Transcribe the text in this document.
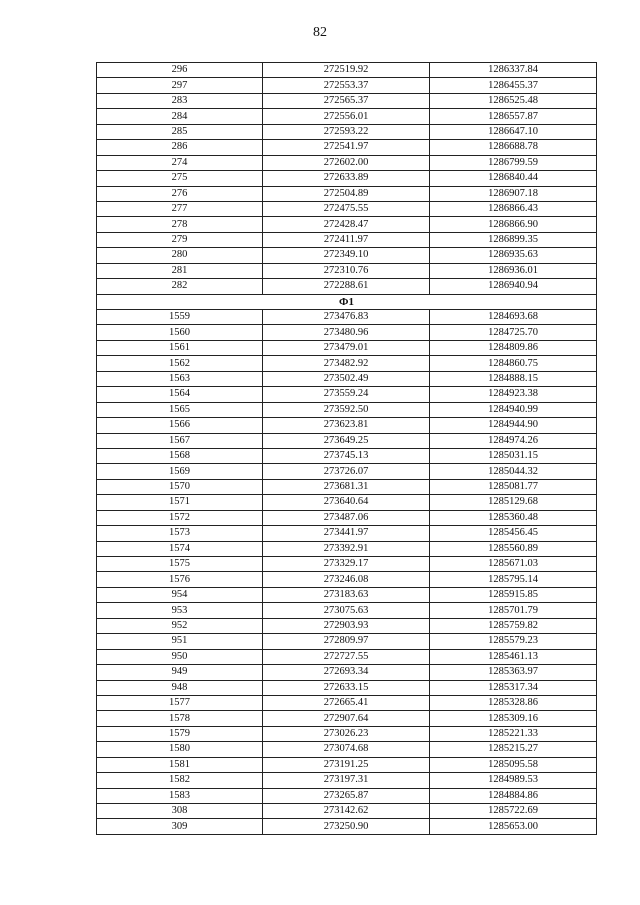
82
296	272519.92	1286337.84
297	272553.37	1286455.37
283	272565.37	1286525.48
284	272556.01	1286557.87
285	272593.22	1286647.10
286	272541.97	1286688.78
274	272602.00	1286799.59
275	272633.89	1286840.44
276	272504.89	1286907.18
277	272475.55	1286866.43
278	272428.47	1286866.90
279	272411.97	1286899.35
280	272349.10	1286935.63
281	272310.76	1286936.01
282	272288.61	1286940.94
Ф1		
1559	273476.83	1284693.68
1560	273480.96	1284725.70
1561	273479.01	1284809.86
1562	273482.92	1284860.75
1563	273502.49	1284888.15
1564	273559.24	1284923.38
1565	273592.50	1284940.99
1566	273623.81	1284944.90
1567	273649.25	1284974.26
1568	273745.13	1285031.15
1569	273726.07	1285044.32
1570	273681.31	1285081.77
1571	273640.64	1285129.68
1572	273487.06	1285360.48
1573	273441.97	1285456.45
1574	273392.91	1285560.89
1575	273329.17	1285671.03
1576	273246.08	1285795.14
954	273183.63	1285915.85
953	273075.63	1285701.79
952	272903.93	1285759.82
951	272809.97	1285579.23
950	272727.55	1285461.13
949	272693.34	1285363.97
948	272633.15	1285317.34
1577	272665.41	1285328.86
1578	272907.64	1285309.16
1579	273026.23	1285221.33
1580	273074.68	1285215.27
1581	273191.25	1285095.58
1582	273197.31	1284989.53
1583	273265.87	1284884.86
308	273142.62	1285722.69
309	273250.90	1285653.00
